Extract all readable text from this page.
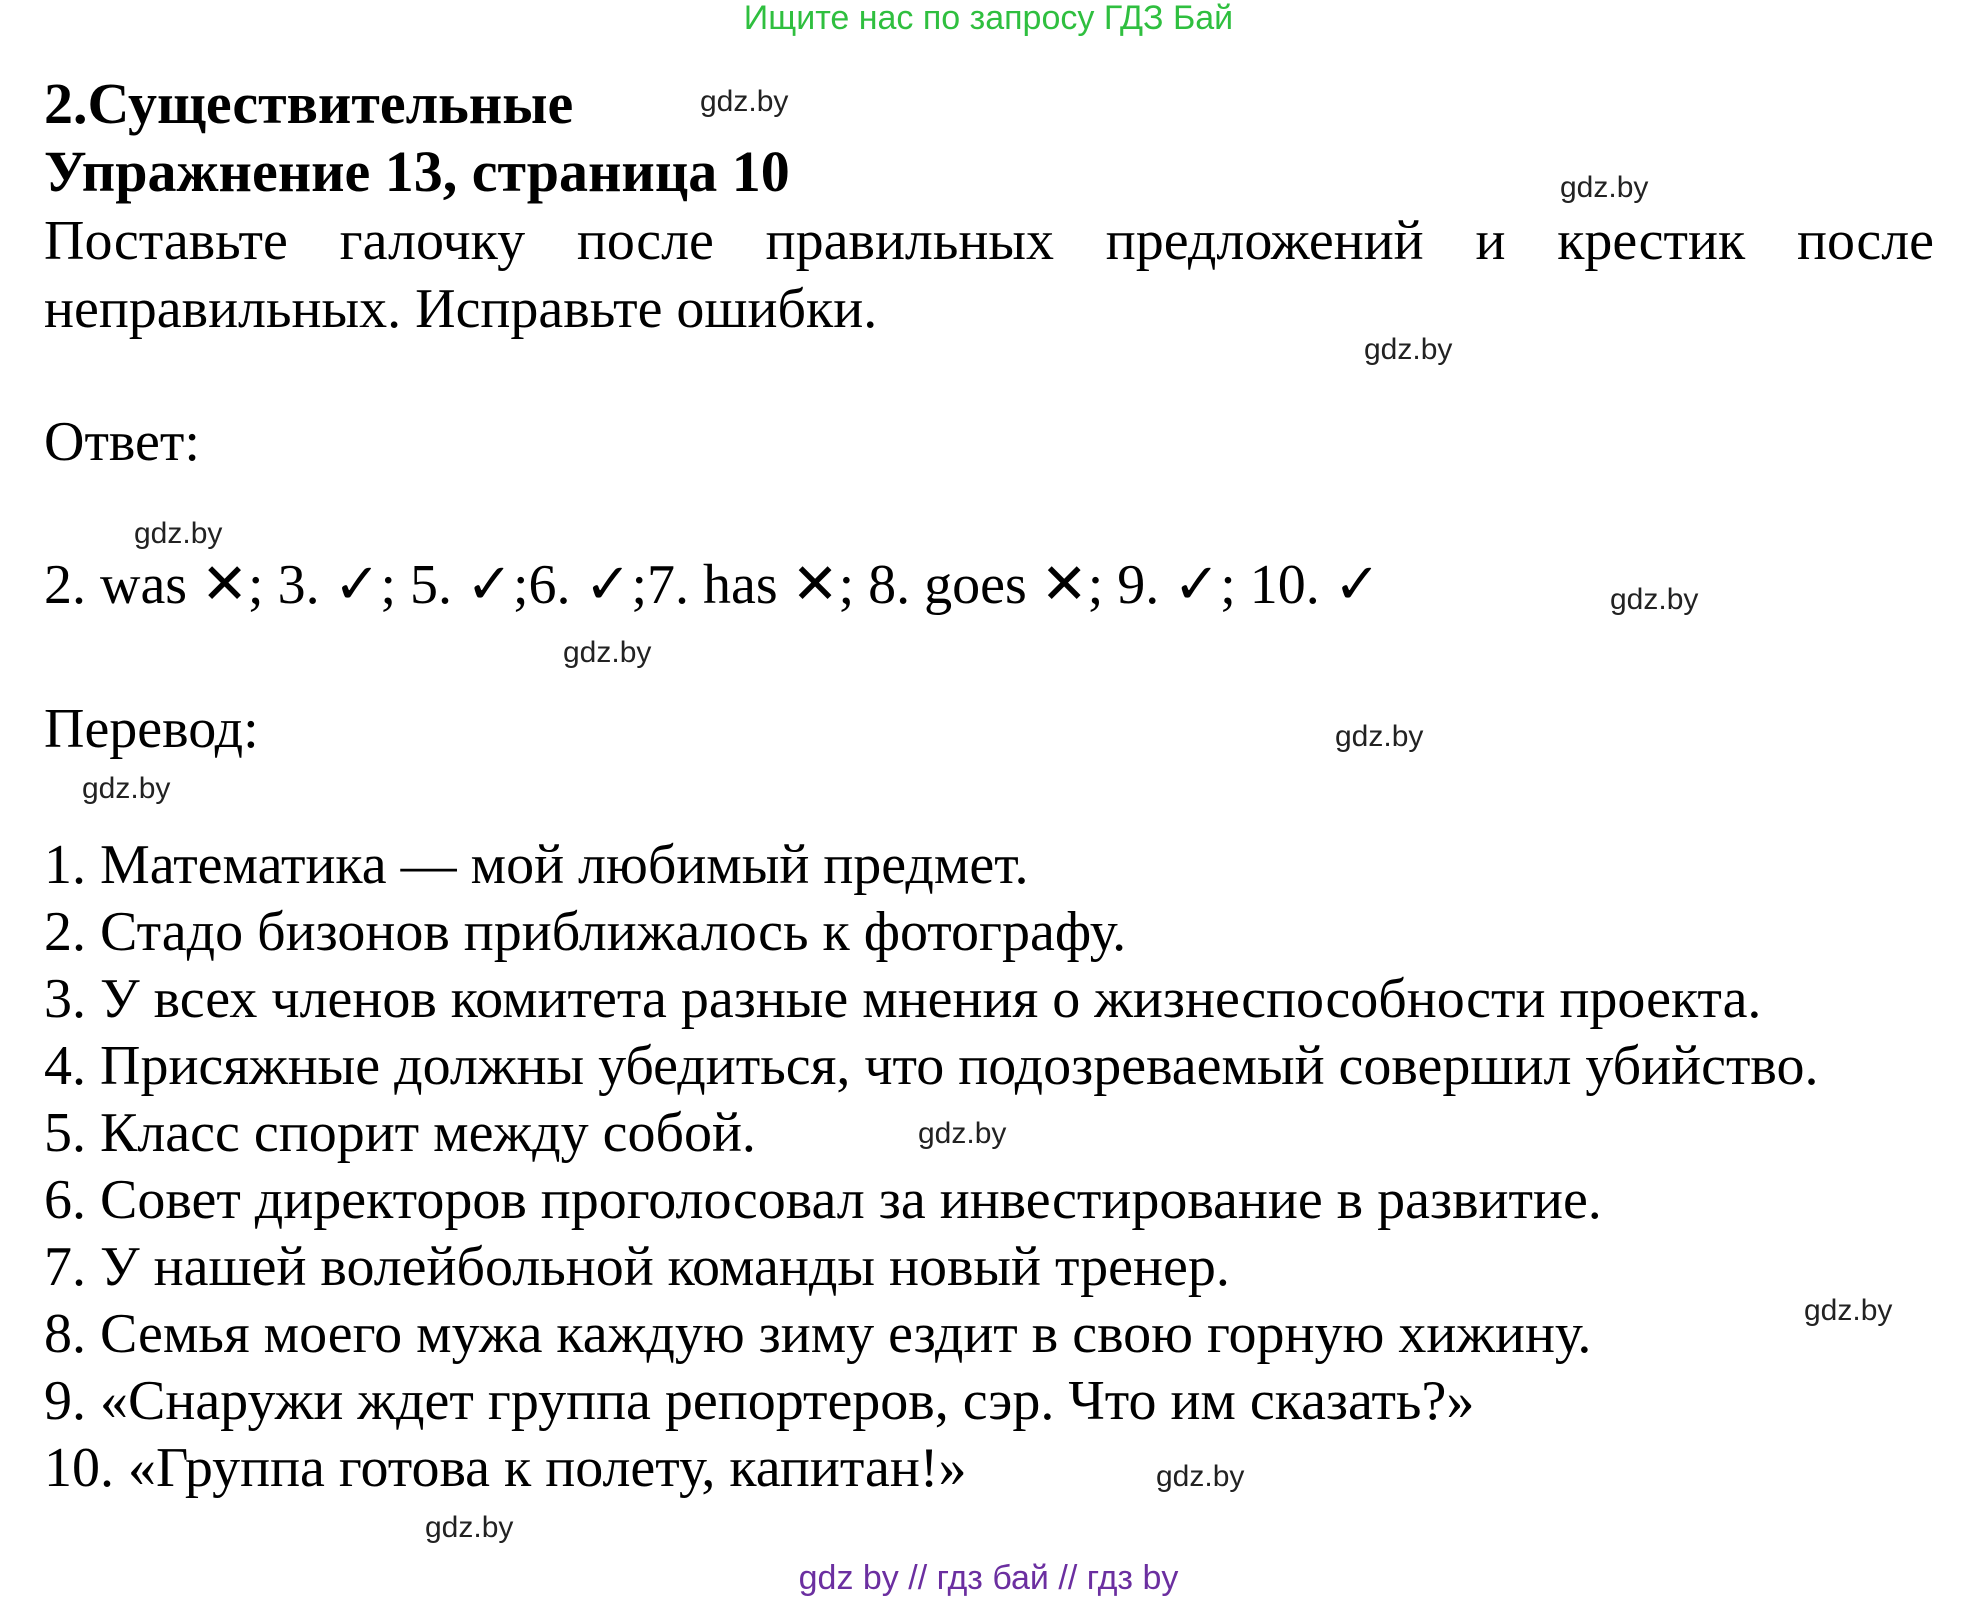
Ищите нас по запросу ГДЗ Бай
2.Существительные
Упражнение 13, страница 10

Поставьте галочку после правильных предложений и крестик после неправильных. Исправьте ошибки.

Ответ:
2. was ✕; 3. ✓; 5. ✓;6. ✓;7. has ✕; 8. goes ✕; 9. ✓; 10. ✓
Перевод:
1. Математика — мой любимый предмет.
2. Стадо бизонов приближалось к фотографу.
3. У всех членов комитета разные мнения о жизнеспособности проекта.
4. Присяжные должны убедиться, что подозреваемый совершил убийство.
5. Класс спорит между собой.
6. Совет директоров проголосовал за инвестирование в развитие.
7. У нашей волейбольной команды новый тренер.
8. Семья моего мужа каждую зиму ездит в свою горную хижину.
9. «Снаружи ждет группа репортеров, сэр. Что им сказать?»
10. «Группа готова к полету, капитан!»
gdz.by
gdz.by
gdz.by
gdz.by
gdz.by
gdz.by
gdz.by
gdz.by
gdz.by
gdz.by
gdz.by
gdz.by
gdz by // гдз бай // гдз by
